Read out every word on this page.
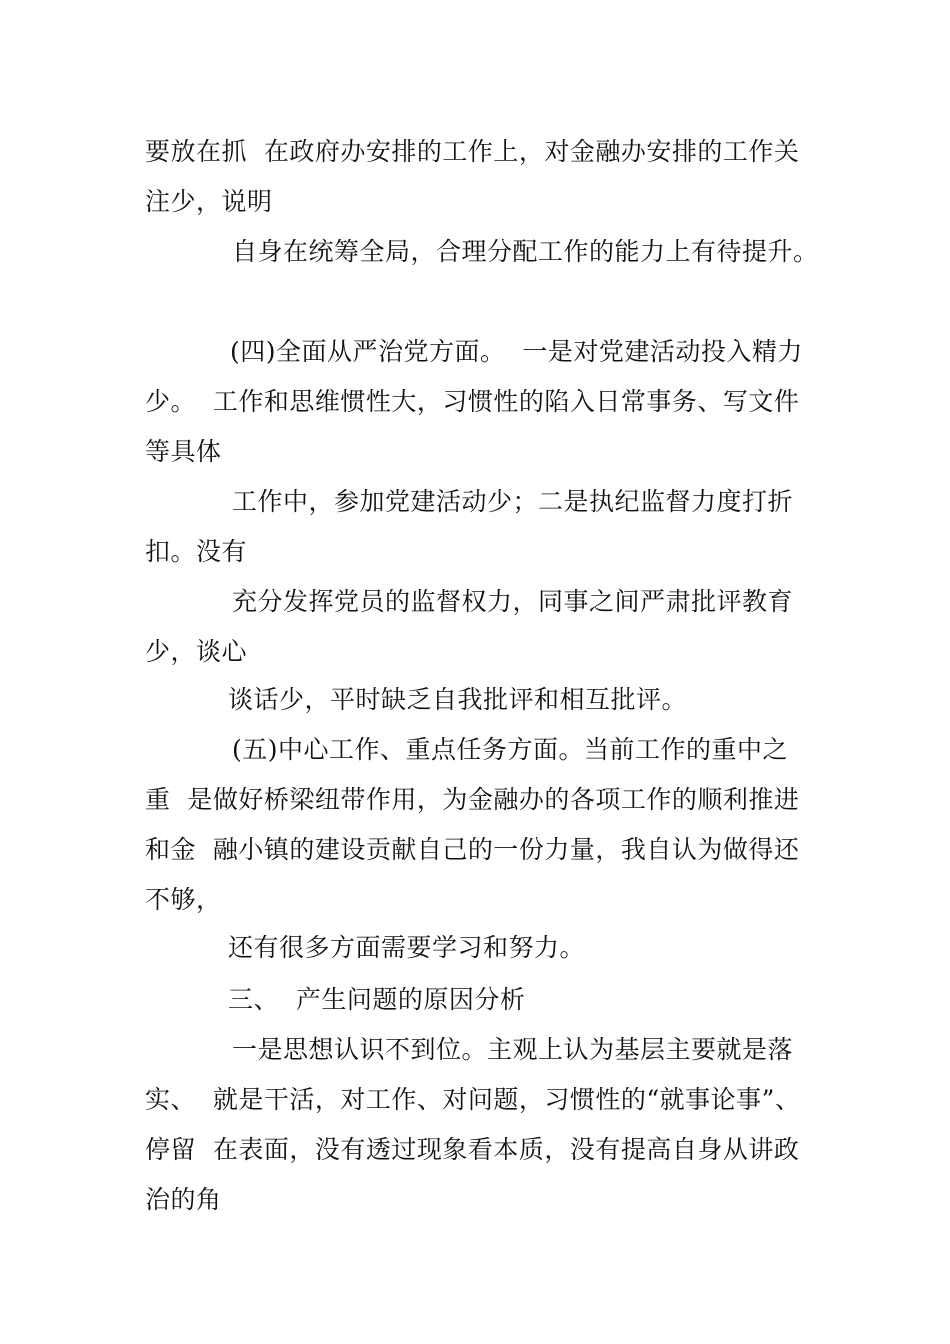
要放在抓  在政府办安排的工作上，对金融办安排的工作关
注少，说明
自身在统筹全局，合理分配工作的能力上有待提升。
(四)全面从严治党方面。  一是对党建活动投入精力
少。  工作和思维惯性大，习惯性的陷入日常事务、写文件
等具体
工作中，参加党建活动少；二是执纪监督力度打折
扣。没有
充分发挥党员的监督权力，同事之间严肃批评教育
少，谈心
谈话少，平时缺乏自我批评和相互批评。
(五)中心工作、重点任务方面。当前工作的重中之
重  是做好桥梁纽带作用，为金融办的各项工作的顺利推进
和金  融小镇的建设贡献自己的一份力量，我自认为做得还
不够，
还有很多方面需要学习和努力。
三、  产生问题的原因分析
一是思想认识不到位。主观上认为基层主要就是落
实、  就是干活，对工作、对问题，习惯性的“就事论事”、
停留  在表面，没有透过现象看本质，没有提高自身从讲政
治的角
